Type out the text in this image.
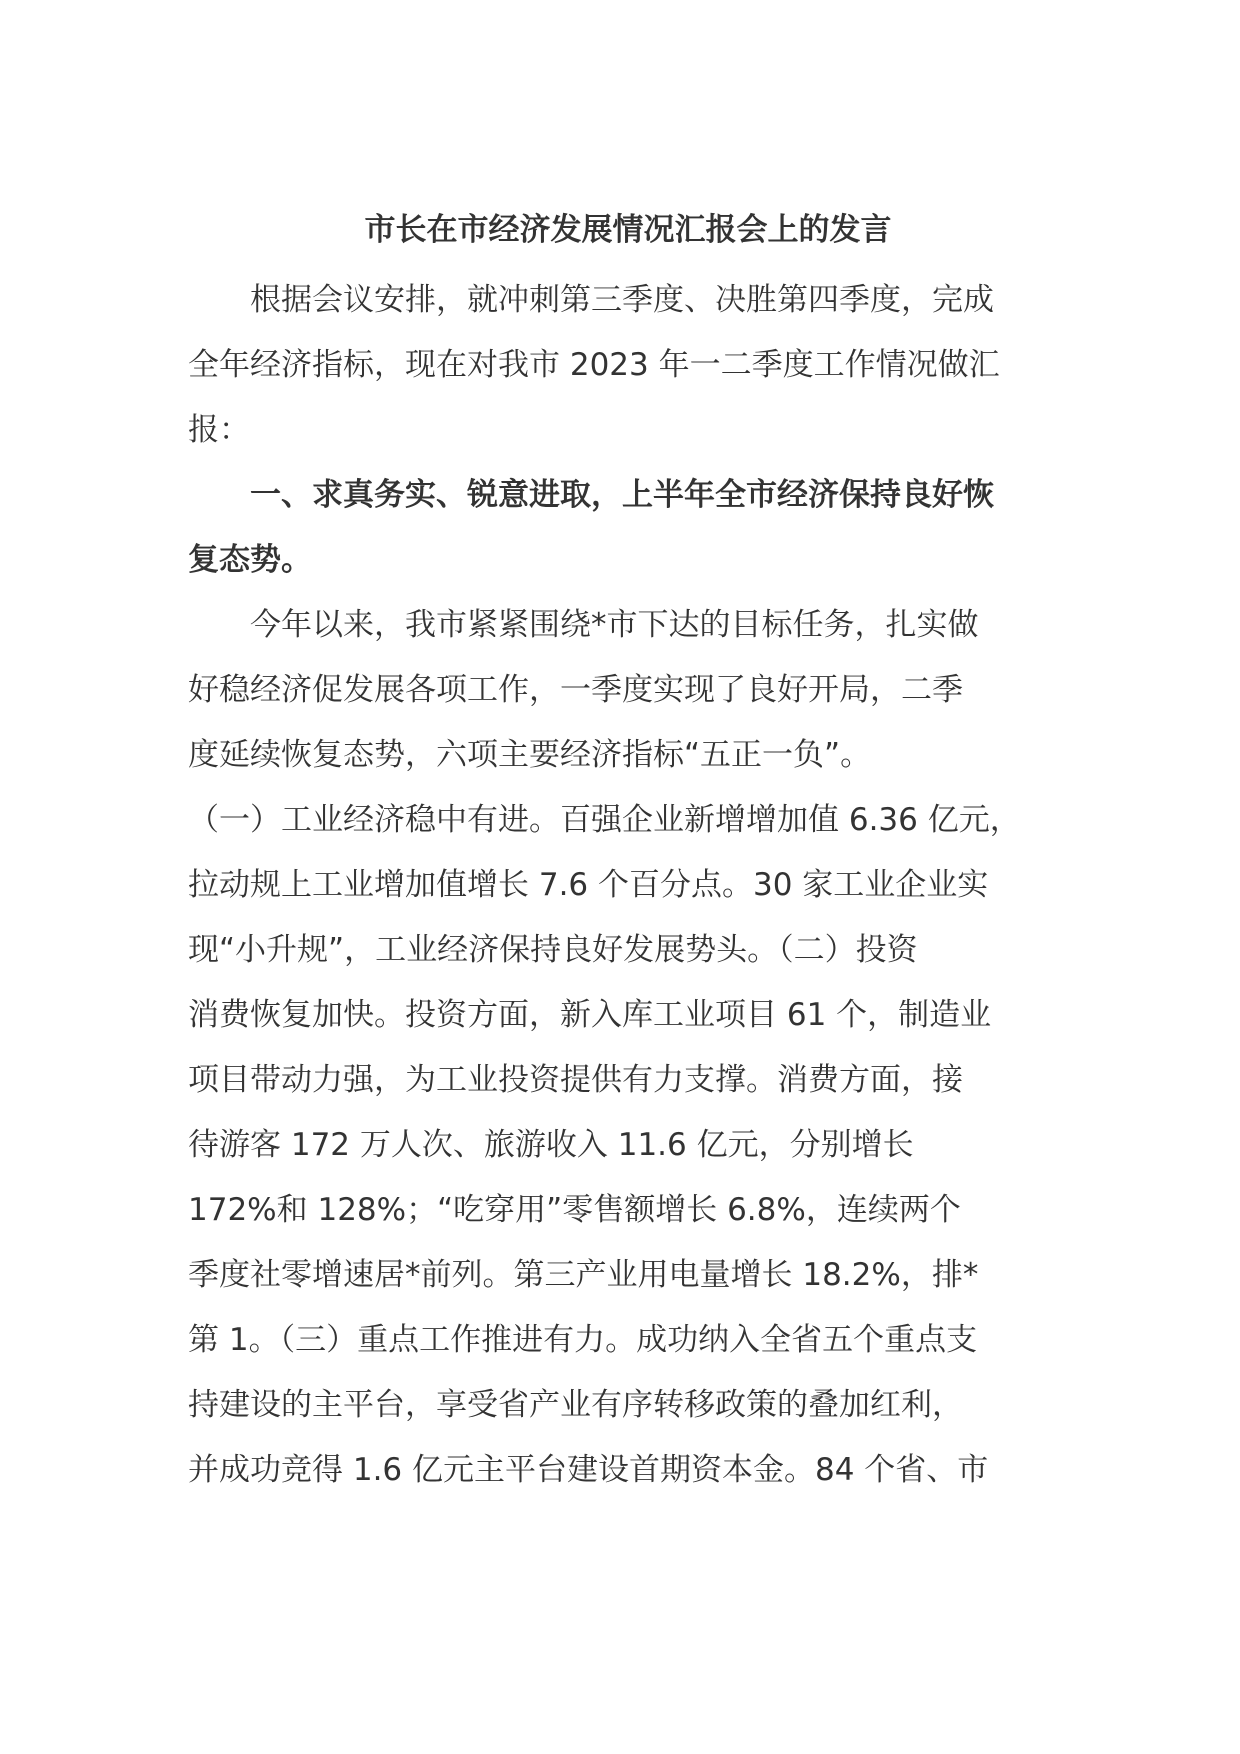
市长在市经济发展情况汇报会上的发言

根据会议安排，就冲刺第三季度、决胜第四季度，完成
全年经济指标，现在对我市 2023 年一二季度工作情况做汇
报：

一、求真务实、锐意进取，上半年全市经济保持良好恢
复态势。

今年以来，我市紧紧围绕*市下达的目标任务，扎实做
好稳经济促发展各项工作，一季度实现了良好开局，二季
度延续恢复态势，六项主要经济指标“五正一负”。
（一）工业经济稳中有进。百强企业新增增加值 6.36 亿元，
拉动规上工业增加值增长 7.6 个百分点。30 家工业企业实
现“小升规”，工业经济保持良好发展势头。（二）投资
消费恢复加快。投资方面，新入库工业项目 61 个，制造业
项目带动力强，为工业投资提供有力支撑。消费方面，接
待游客 172 万人次、旅游收入 11.6 亿元，分别增长
172%和 128%；“吃穿用”零售额增长 6.8%，连续两个
季度社零增速居*前列。第三产业用电量增长 18.2%，排*
第 1。（三）重点工作推进有力。成功纳入全省五个重点支
持建设的主平台，享受省产业有序转移政策的叠加红利，
并成功竞得 1.6 亿元主平台建设首期资本金。84 个省、市
